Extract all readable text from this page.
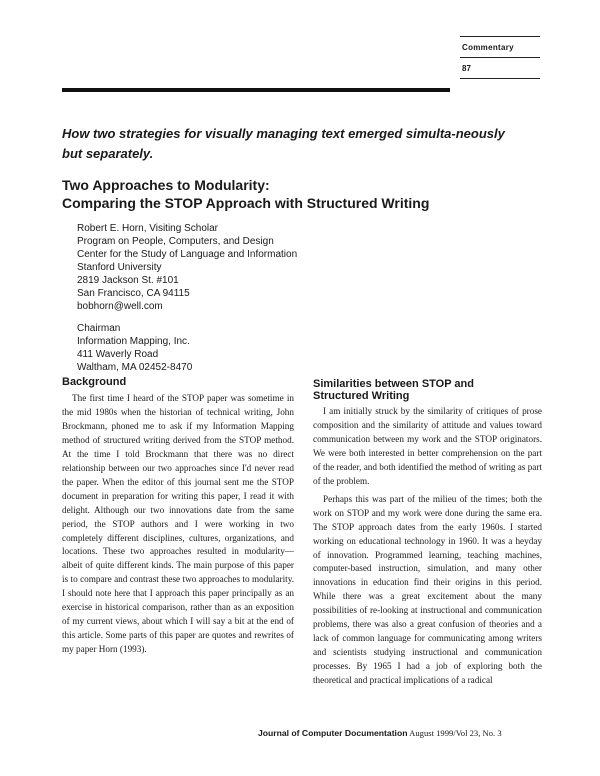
Commentary
87
How two strategies for visually managing text emerged simulta-neously but separately.
Two Approaches to Modularity:
Comparing the STOP Approach with Structured Writing
Robert E. Horn, Visiting Scholar
Program on People, Computers, and Design
Center for the Study of Language and Information
Stanford University
2819 Jackson St. #101
San Francisco, CA 94115
bobhorn@well.com
Chairman
Information Mapping, Inc.
411 Waverly Road
Waltham, MA 02452-8470
Background

The first time I heard of the STOP paper was sometime in the mid 1980s when the historian of technical writing, John Brockmann, phoned me to ask if my Information Mapping method of structured writing derived from the STOP method. At the time I told Brockmann that there was no direct relationship between our two approaches since I'd never read the paper. When the editor of this journal sent me the STOP document in preparation for writing this paper, I read it with delight. Although our two innovations date from the same period, the STOP authors and I were working in two completely different disciplines, cultures, organizations, and locations. These two approaches resulted in modularity—albeit of quite different kinds. The main purpose of this paper is to compare and contrast these two approaches to modularity. I should note here that I approach this paper principally as an exercise in historical comparison, rather than as an exposition of my current views, about which I will say a bit at the end of this article. Some parts of this paper are quotes and rewrites of my paper Horn (1993).

Similarities between STOP and
Structured Writing

I am initially struck by the similarity of critiques of prose composition and the similarity of attitude and values toward communication between my work and the STOP originators. We were both interested in better comprehension on the part of the reader, and both identified the method of writing as part of the problem.

Perhaps this was part of the milieu of the times; both the work on STOP and my work were done during the same era. The STOP approach dates from the early 1960s. I started working on educational technology in 1960. It was a heyday of innovation. Programmed learning, teaching machines, computer-based instruction, simulation, and many other innovations in education find their origins in this period. While there was a great excitement about the many possibilities of re-looking at instructional and communication problems, there was also a great confusion of theories and a lack of common language for communicating among writers and scientists studying instructional and communication processes. By 1965 I had a job of exploring both the theoretical and practical implications of a radical

Journal of Computer Documentation August 1999/Vol 23, No. 3
